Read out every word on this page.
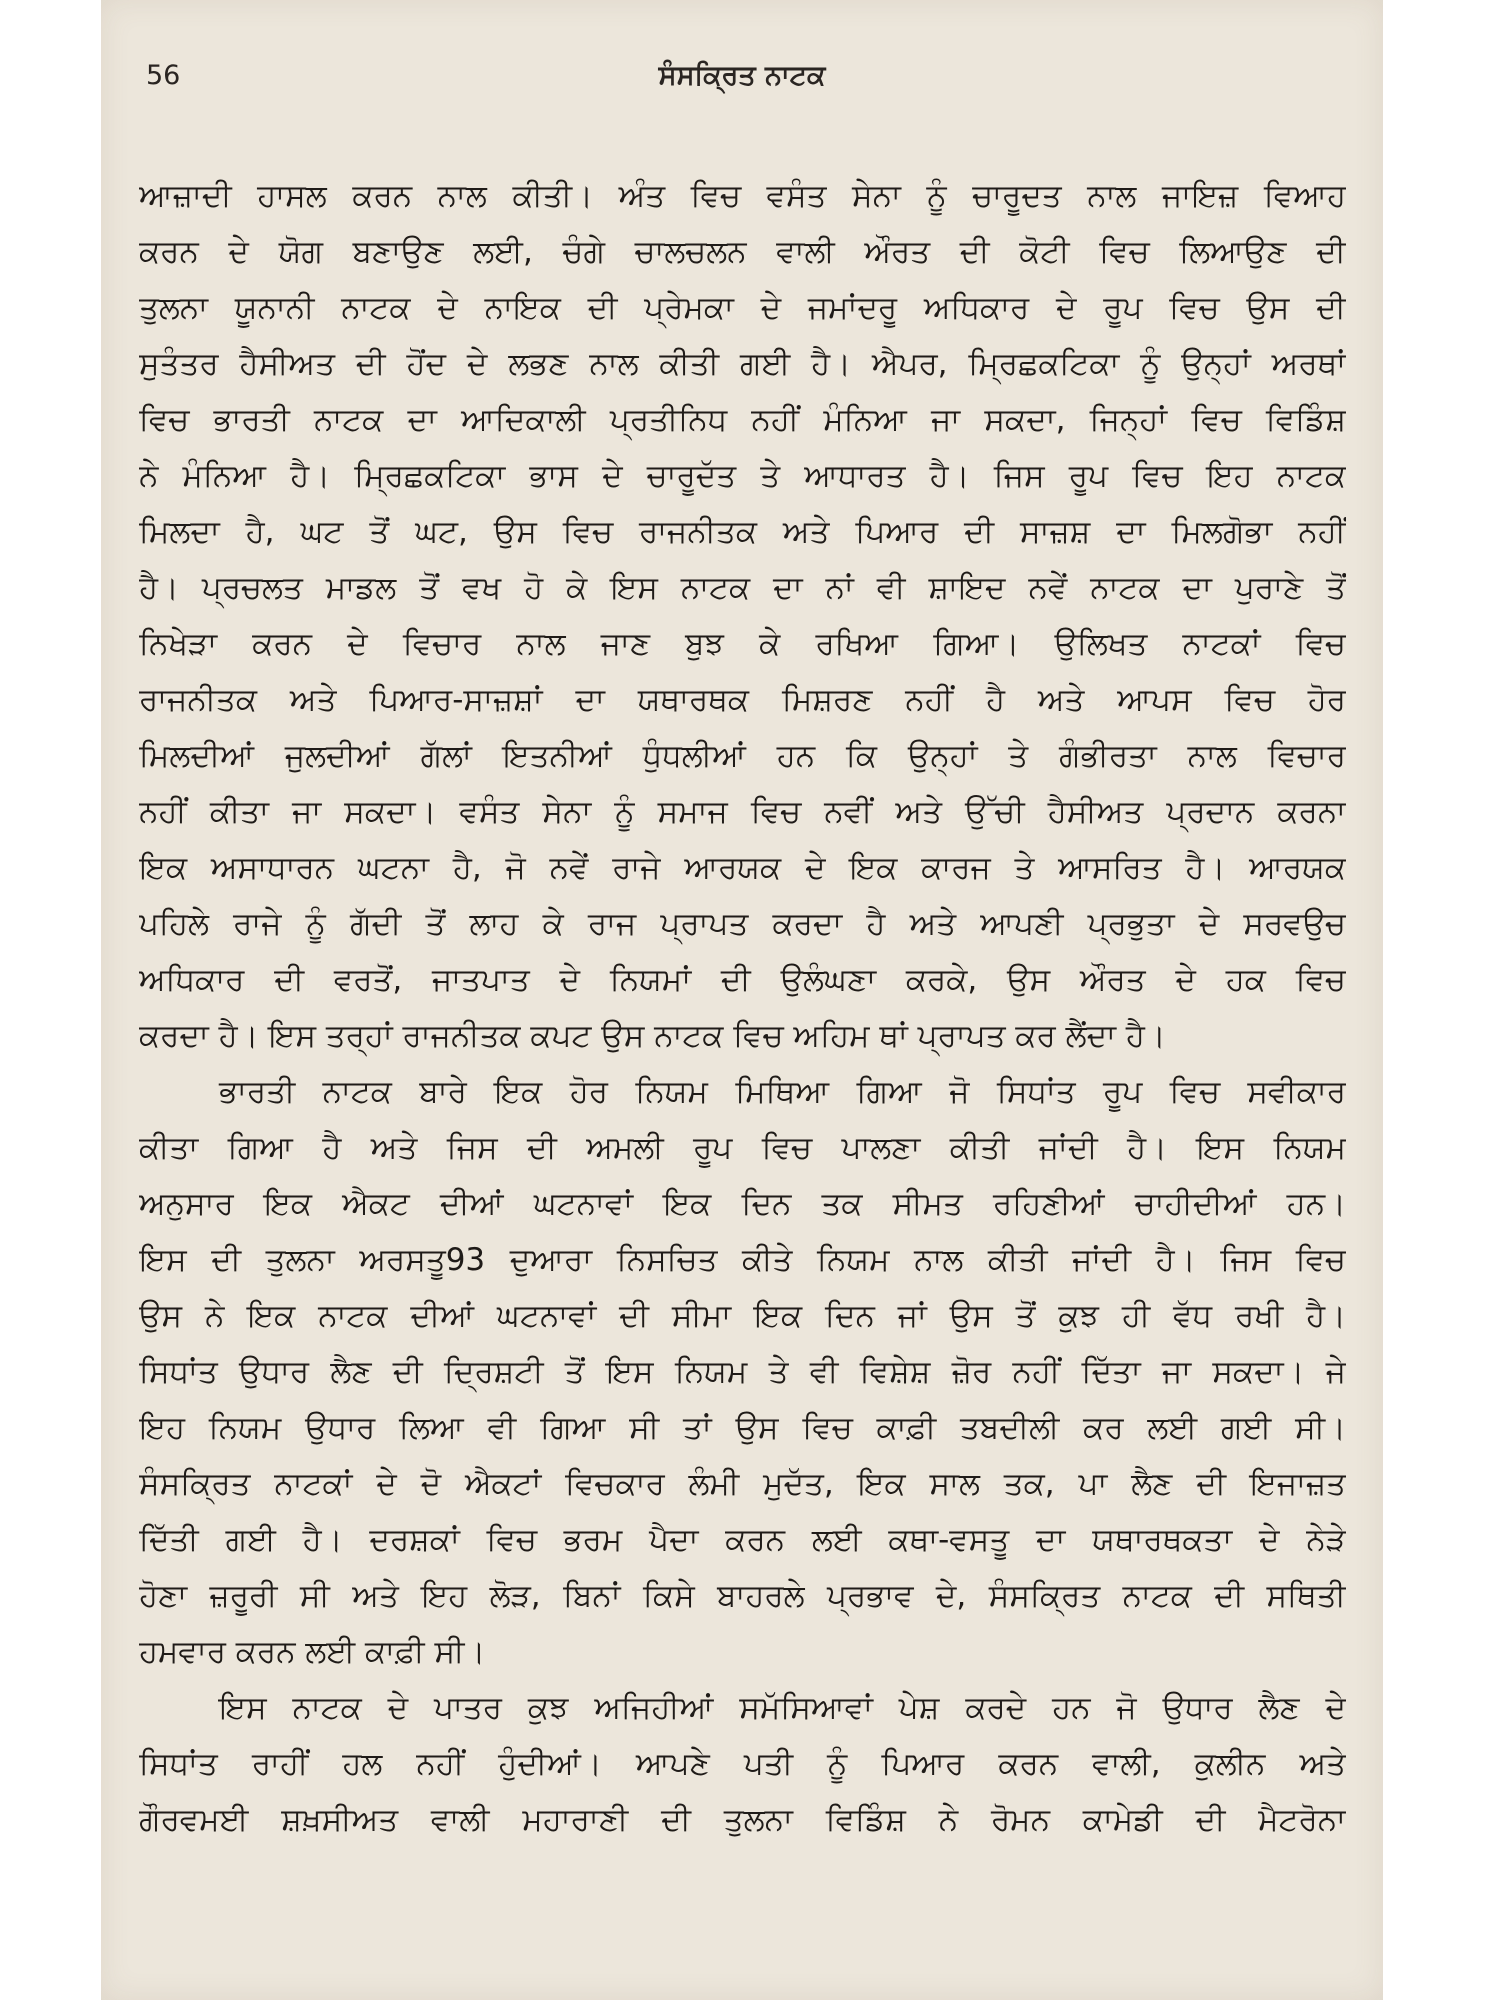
56	ਸੰਸਕ੍ਰਿਤ ਨਾਟਕ
ਆਜ਼ਾਦੀ ਹਾਸਲ ਕਰਨ ਨਾਲ ਕੀਤੀ। ਅੰਤ ਵਿਚ ਵਸੰਤ ਸੇਨਾ ਨੂੰ ਚਾਰੂਦਤ ਨਾਲ ਜਾਇਜ਼ ਵਿਆਹ
ਕਰਨ ਦੇ ਯੋਗ ਬਣਾਉਣ ਲਈ, ਚੰਗੇ ਚਾਲਚਲਨ ਵਾਲੀ ਔਰਤ ਦੀ ਕੋਟੀ ਵਿਚ ਲਿਆਉਣ ਦੀ
ਤੁਲਨਾ ਯੂਨਾਨੀ ਨਾਟਕ ਦੇ ਨਾਇਕ ਦੀ ਪ੍ਰੇਮਕਾ ਦੇ ਜਮਾਂਦਰੂ ਅਧਿਕਾਰ ਦੇ ਰੂਪ ਵਿਚ ਉਸ ਦੀ
ਸੁਤੰਤਰ ਹੈਸੀਅਤ ਦੀ ਹੋਂਦ ਦੇ ਲਭਣ ਨਾਲ ਕੀਤੀ ਗਈ ਹੈ। ਐਪਰ, ਮ੍ਰਿਛਕਟਿਕਾ ਨੂੰ ਉਨ੍ਹਾਂ ਅਰਥਾਂ
ਵਿਚ ਭਾਰਤੀ ਨਾਟਕ ਦਾ ਆਦਿਕਾਲੀ ਪ੍ਰਤੀਨਿਧ ਨਹੀਂ ਮੰਨਿਆ ਜਾ ਸਕਦਾ, ਜਿਨ੍ਹਾਂ ਵਿਚ ਵਿਡਿੰਸ਼
ਨੇ ਮੰਨਿਆ ਹੈ। ਮ੍ਰਿਛਕਟਿਕਾ ਭਾਸ ਦੇ ਚਾਰੂਦੱਤ ਤੇ ਆਧਾਰਤ ਹੈ। ਜਿਸ ਰੂਪ ਵਿਚ ਇਹ ਨਾਟਕ
ਮਿਲਦਾ ਹੈ, ਘਟ ਤੋਂ ਘਟ, ਉਸ ਵਿਚ ਰਾਜਨੀਤਕ ਅਤੇ ਪਿਆਰ ਦੀ ਸਾਜ਼ਸ਼ ਦਾ ਮਿਲਗੋਭਾ ਨਹੀਂ
ਹੈ। ਪ੍ਰਚਲਤ ਮਾਡਲ ਤੋਂ ਵਖ ਹੋ ਕੇ ਇਸ ਨਾਟਕ ਦਾ ਨਾਂ ਵੀ ਸ਼ਾਇਦ ਨਵੇਂ ਨਾਟਕ ਦਾ ਪੁਰਾਣੇ ਤੋਂ
ਨਿਖੇੜਾ ਕਰਨ ਦੇ ਵਿਚਾਰ ਨਾਲ ਜਾਣ ਬੁਝ ਕੇ ਰਖਿਆ ਗਿਆ। ਉਲਿਖਤ ਨਾਟਕਾਂ ਵਿਚ
ਰਾਜਨੀਤਕ ਅਤੇ ਪਿਆਰ-ਸਾਜ਼ਸ਼ਾਂ ਦਾ ਯਥਾਰਥਕ ਮਿਸ਼ਰਣ ਨਹੀਂ ਹੈ ਅਤੇ ਆਪਸ ਵਿਚ ਹੋਰ
ਮਿਲਦੀਆਂ ਜੁਲਦੀਆਂ ਗੱਲਾਂ ਇਤਨੀਆਂ ਧੁੰਧਲੀਆਂ ਹਨ ਕਿ ਉਨ੍ਹਾਂ ਤੇ ਗੰਭੀਰਤਾ ਨਾਲ ਵਿਚਾਰ
ਨਹੀਂ ਕੀਤਾ ਜਾ ਸਕਦਾ। ਵਸੰਤ ਸੇਨਾ ਨੂੰ ਸਮਾਜ ਵਿਚ ਨਵੀਂ ਅਤੇ ਉੱਚੀ ਹੈਸੀਅਤ ਪ੍ਰਦਾਨ ਕਰਨਾ
ਇਕ ਅਸਾਧਾਰਨ ਘਟਨਾ ਹੈ, ਜੋ ਨਵੇਂ ਰਾਜੇ ਆਰਯਕ ਦੇ ਇਕ ਕਾਰਜ ਤੇ ਆਸਰਿਤ ਹੈ। ਆਰਯਕ
ਪਹਿਲੇ ਰਾਜੇ ਨੂੰ ਗੱਦੀ ਤੋਂ ਲਾਹ ਕੇ ਰਾਜ ਪ੍ਰਾਪਤ ਕਰਦਾ ਹੈ ਅਤੇ ਆਪਣੀ ਪ੍ਰਭੁਤਾ ਦੇ ਸਰਵਉਚ
ਅਧਿਕਾਰ ਦੀ ਵਰਤੋਂ, ਜਾਤਪਾਤ ਦੇ ਨਿਯਮਾਂ ਦੀ ਉਲੰਘਣਾ ਕਰਕੇ, ਉਸ ਔਰਤ ਦੇ ਹਕ ਵਿਚ
ਕਰਦਾ ਹੈ। ਇਸ ਤਰ੍ਹਾਂ ਰਾਜਨੀਤਕ ਕਪਟ ਉਸ ਨਾਟਕ ਵਿਚ ਅਹਿਮ ਥਾਂ ਪ੍ਰਾਪਤ ਕਰ ਲੈਂਦਾ ਹੈ।
ਭਾਰਤੀ ਨਾਟਕ ਬਾਰੇ ਇਕ ਹੋਰ ਨਿਯਮ ਮਿਥਿਆ ਗਿਆ ਜੋ ਸਿਧਾਂਤ ਰੂਪ ਵਿਚ ਸਵੀਕਾਰ
ਕੀਤਾ ਗਿਆ ਹੈ ਅਤੇ ਜਿਸ ਦੀ ਅਮਲੀ ਰੂਪ ਵਿਚ ਪਾਲਣਾ ਕੀਤੀ ਜਾਂਦੀ ਹੈ। ਇਸ ਨਿਯਮ
ਅਨੁਸਾਰ ਇਕ ਐਕਟ ਦੀਆਂ ਘਟਨਾਵਾਂ ਇਕ ਦਿਨ ਤਕ ਸੀਮਤ ਰਹਿਣੀਆਂ ਚਾਹੀਦੀਆਂ ਹਨ।
ਇਸ ਦੀ ਤੁਲਨਾ ਅਰਸਤੂ93 ਦੁਆਰਾ ਨਿਸਚਿਤ ਕੀਤੇ ਨਿਯਮ ਨਾਲ ਕੀਤੀ ਜਾਂਦੀ ਹੈ। ਜਿਸ ਵਿਚ
ਉਸ ਨੇ ਇਕ ਨਾਟਕ ਦੀਆਂ ਘਟਨਾਵਾਂ ਦੀ ਸੀਮਾ ਇਕ ਦਿਨ ਜਾਂ ਉਸ ਤੋਂ ਕੁਝ ਹੀ ਵੱਧ ਰਖੀ ਹੈ।
ਸਿਧਾਂਤ ਉਧਾਰ ਲੈਣ ਦੀ ਦ੍ਰਿਸ਼ਟੀ ਤੋਂ ਇਸ ਨਿਯਮ ਤੇ ਵੀ ਵਿਸ਼ੇਸ਼ ਜ਼ੋਰ ਨਹੀਂ ਦਿੱਤਾ ਜਾ ਸਕਦਾ। ਜੇ
ਇਹ ਨਿਯਮ ਉਧਾਰ ਲਿਆ ਵੀ ਗਿਆ ਸੀ ਤਾਂ ਉਸ ਵਿਚ ਕਾਫ਼ੀ ਤਬਦੀਲੀ ਕਰ ਲਈ ਗਈ ਸੀ।
ਸੰਸਕ੍ਰਿਤ ਨਾਟਕਾਂ ਦੇ ਦੋ ਐਕਟਾਂ ਵਿਚਕਾਰ ਲੰਮੀ ਮੁਦੱਤ, ਇਕ ਸਾਲ ਤਕ, ਪਾ ਲੈਣ ਦੀ ਇਜਾਜ਼ਤ
ਦਿੱਤੀ ਗਈ ਹੈ। ਦਰਸ਼ਕਾਂ ਵਿਚ ਭਰਮ ਪੈਦਾ ਕਰਨ ਲਈ ਕਥਾ-ਵਸਤੂ ਦਾ ਯਥਾਰਥਕਤਾ ਦੇ ਨੇੜੇ
ਹੋਣਾ ਜ਼ਰੂਰੀ ਸੀ ਅਤੇ ਇਹ ਲੋੜ, ਬਿਨਾਂ ਕਿਸੇ ਬਾਹਰਲੇ ਪ੍ਰਭਾਵ ਦੇ, ਸੰਸਕ੍ਰਿਤ ਨਾਟਕ ਦੀ ਸਥਿਤੀ
ਹਮਵਾਰ ਕਰਨ ਲਈ ਕਾਫ਼ੀ ਸੀ।
ਇਸ ਨਾਟਕ ਦੇ ਪਾਤਰ ਕੁਝ ਅਜਿਹੀਆਂ ਸਮੱਸਿਆਵਾਂ ਪੇਸ਼ ਕਰਦੇ ਹਨ ਜੋ ਉਧਾਰ ਲੈਣ ਦੇ
ਸਿਧਾਂਤ ਰਾਹੀਂ ਹਲ ਨਹੀਂ ਹੁੰਦੀਆਂ। ਆਪਣੇ ਪਤੀ ਨੂੰ ਪਿਆਰ ਕਰਨ ਵਾਲੀ, ਕੁਲੀਨ ਅਤੇ
ਗੌਰਵਮਈ ਸ਼ਖ਼ਸੀਅਤ ਵਾਲੀ ਮਹਾਰਾਣੀ ਦੀ ਤੁਲਨਾ ਵਿਡਿੰਸ਼ ਨੇ ਰੋਮਨ ਕਾਮੇਡੀ ਦੀ ਮੈਟਰੋਨਾ
